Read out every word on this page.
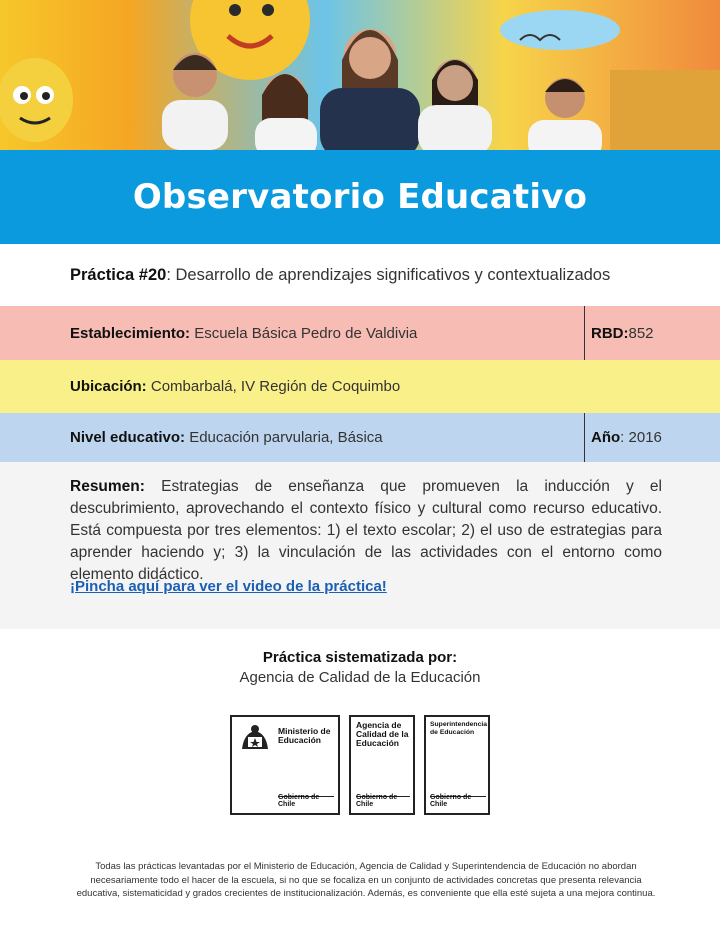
Observatorio Educativo
Práctica #20: Desarrollo de aprendizajes significativos y contextualizados
Establecimiento: Escuela Básica Pedro de Valdivia	RBD: 852
Ubicación: Combarbalá, IV Región de Coquimbo
Nivel educativo: Educación parvularia, Básica	Año : 2016

Resumen: Estrategias de enseñanza que promueven la inducción y el descubrimiento, aprovechando el contexto físico y cultural como recurso educativo. Está compuesta por tres elementos: 1) el texto escolar; 2) el uso de estrategias para aprender haciendo y; 3) la vinculación de las actividades con el entorno como elemento didáctico.

¡Pincha aquí para ver el video de la práctica!
Práctica sistematizada por:
Agencia de Calidad de la Educación
Ministerio de
Educación
Gobierno de Chile
Agencia de
Calidad de la
Educación
Gobierno de Chile
Superintendencia
de Educación
Gobierno de Chile
Todas las prácticas levantadas por el Ministerio de Educación, Agencia de Calidad y Superintendencia de Educación no abordan necesariamente todo el hacer de la escuela, si no que se focaliza en un conjunto de actividades concretas que presenta relevancia educativa, sistematicidad y grados crecientes de institucionalización. Además, es conveniente que ella esté sujeta a una mejora continua.
